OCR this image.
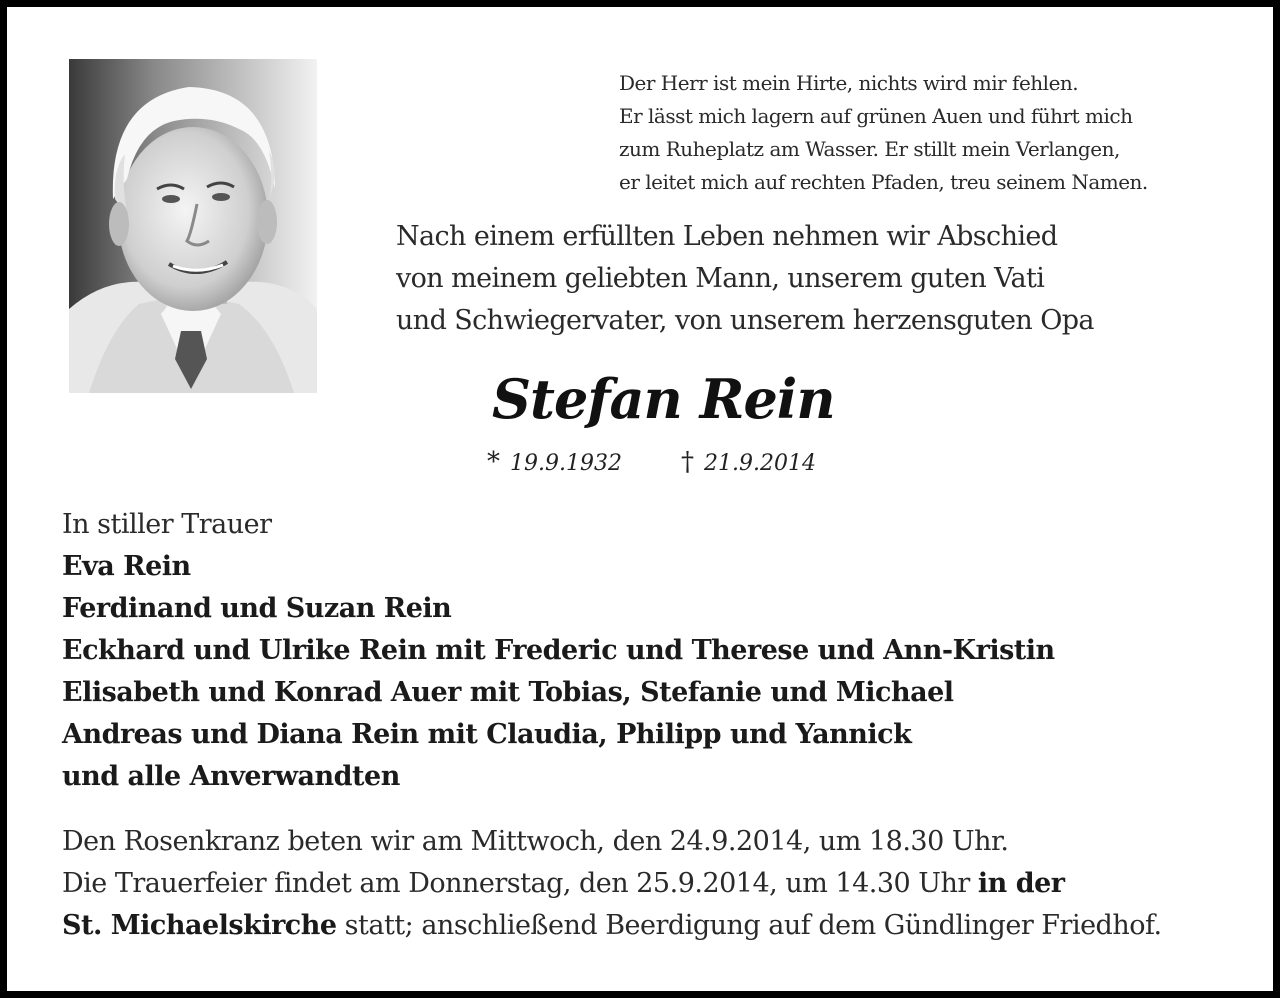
Der Herr ist mein Hirte, nichts wird mir fehlen.
Er lässt mich lagern auf grünen Auen und führt mich
zum Ruheplatz am Wasser. Er stillt mein Verlangen,
er leitet mich auf rechten Pfaden, treu seinem Namen.
Nach einem erfüllten Leben nehmen wir Abschied
von meinem geliebten Mann, unserem guten Vati
und Schwiegervater, von unserem herzensguten Opa
Stefan Rein
* 19.9.1932 † 21.9.2014
In stiller Trauer
Eva Rein
Ferdinand und Suzan Rein
Eckhard und Ulrike Rein mit Frederic und Therese und Ann-Kristin
Elisabeth und Konrad Auer mit Tobias, Stefanie und Michael
Andreas und Diana Rein mit Claudia, Philipp und Yannick
und alle Anverwandten
Den Rosenkranz beten wir am Mittwoch, den 24.9.2014, um 18.30 Uhr.
Die Trauerfeier findet am Donnerstag, den 25.9.2014, um 14.30 Uhr in der
St. Michaelskirche statt; anschließend Beerdigung auf dem Gündlinger Friedhof.
